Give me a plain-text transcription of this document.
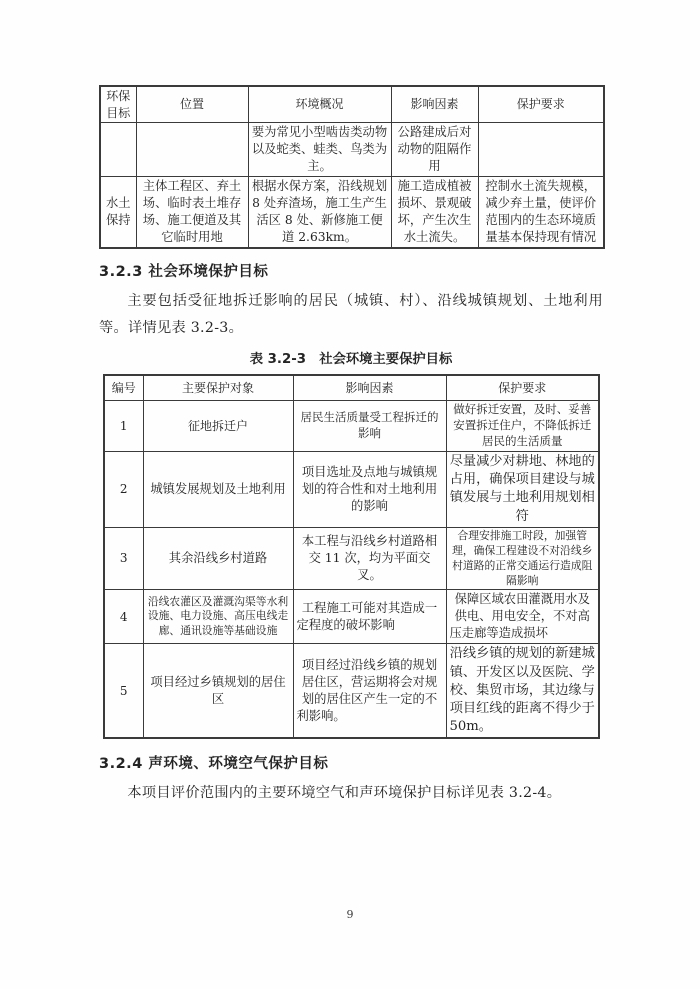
环保目标	位置	环境概况	影响因素	保护要求
		要为常见小型啮齿类动物以及蛇类、蛙类、鸟类为主。	公路建成后对动物的阻隔作用	
水土保持	主体工程区、弃土场、临时表土堆存场、施工便道及其它临时用地	根据水保方案，沿线规划 8 处弃渣场，施工生产生活区 8 处、新修施工便道 2.63km。	施工造成植被损坏、景观破坏，产生次生水土流失。	控制水土流失规模，减少弃土量，使评价范围内的生态环境质量基本保持现有情况
3.2.3 社会环境保护目标

主要包括受征地拆迁影响的居民（城镇、村）、沿线城镇规划、土地利用等。详情见表 3.2-3。

表 3.2-3　社会环境主要保护目标
编号	主要保护对象	影响因素	保护要求
1	征地拆迁户	居民生活质量受工程拆迁的影响	做好拆迁安置，及时、妥善安置拆迁住户，不降低拆迁居民的生活质量
2	城镇发展规划及土地利用	项目选址及点地与城镇规划的符合性和对土地利用的影响	尽量减少对耕地、林地的占用，确保项目建设与城镇发展与土地利用规划相符
3	其余沿线乡村道路	本工程与沿线乡村道路相交 11 次，均为平面交叉。	合理安排施工时段，加强管理，确保工程建设不对沿线乡村道路的正常交通运行造成阻隔影响
4	沿线农灌区及灌溉沟渠等水利设施、电力设施、高压电线走廊、通讯设施等基础设施	工程施工可能对其造成一定程度的破坏影响	保障区域农田灌溉用水及供电、用电安全，不对高压走廊等造成损坏
5	项目经过乡镇规划的居住区	项目经过沿线乡镇的规划居住区，营运期将会对规划的居住区产生一定的不利影响。	沿线乡镇的规划的新建城镇、开发区以及医院、学校、集贸市场，其边缘与项目红线的距离不得少于 50m。
3.2.4 声环境、环境空气保护目标

本项目评价范围内的主要环境空气和声环境保护目标详见表 3.2-4。

9
